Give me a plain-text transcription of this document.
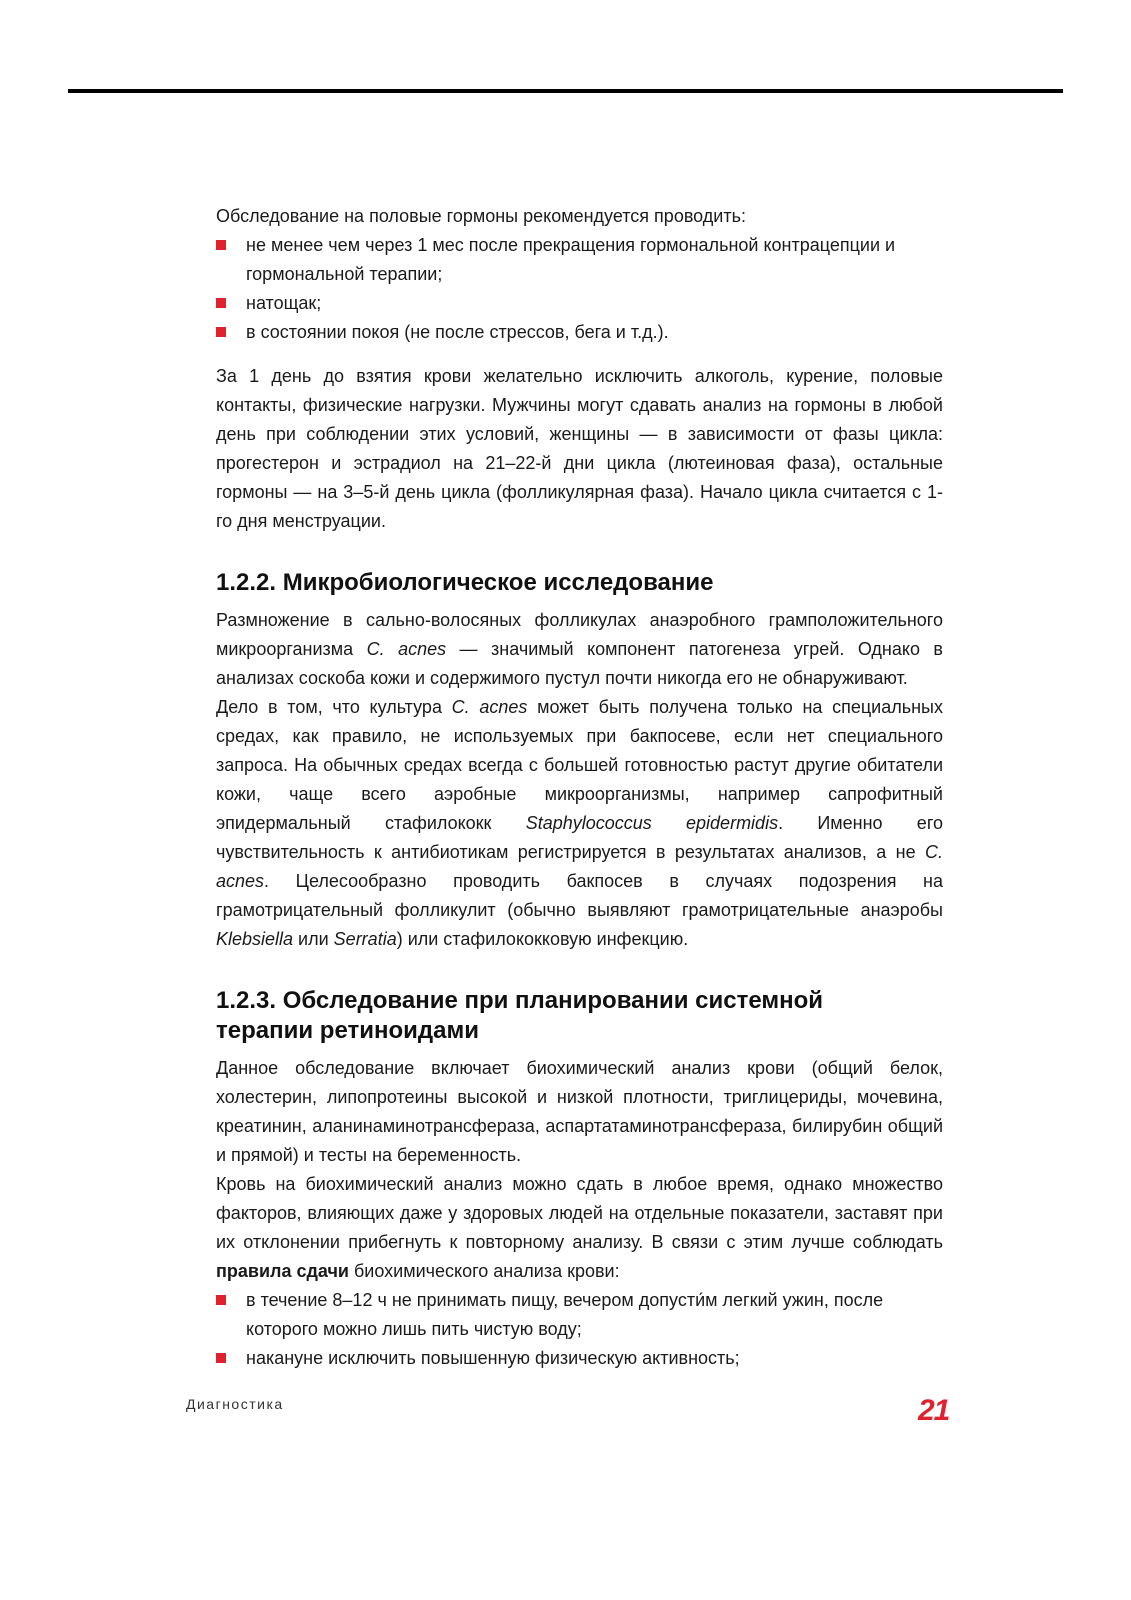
Обследование на половые гормоны рекомендуется проводить:

не менее чем через 1 мес после прекращения гормональной контрацепции и гормональной терапии;
натощак;
в состоянии покоя (не после стрессов, бега и т.д.).

За 1 день до взятия крови желательно исключить алкоголь, курение, половые контакты, физические нагрузки. Мужчины могут сдавать анализ на гормоны в любой день при соблюдении этих условий, женщины — в зависимости от фазы цикла: прогестерон и эстрадиол на 21–22-й дни цикла (лютеиновая фаза), остальные гормоны — на 3–5-й день цикла (фолликулярная фаза). Начало цикла считается с 1-го дня менструации.

1.2.2. Микробиологическое исследование

Размножение в сально-волосяных фолликулах анаэробного грамположительного микроорганизма C. acnes — значимый компонент патогенеза угрей. Однако в анализах соскоба кожи и содержимого пустул почти никогда его не обнаруживают.

Дело в том, что культура C. acnes может быть получена только на специальных средах, как правило, не используемых при бакпосеве, если нет специального запроса. На обычных средах всегда с большей готовностью растут другие обитатели кожи, чаще всего аэробные микроорганизмы, например сапрофитный эпидермальный стафилококк Staphylococcus epidermidis. Именно его чувствительность к антибиотикам регистрируется в результатах анализов, а не C. acnes. Целесообразно проводить бакпосев в случаях подозрения на грамотрицательный фолликулит (обычно выявляют грамотрицательные анаэробы Klebsiella или Serratia) или стафилококковую инфекцию.

1.2.3. Обследование при планировании системной
терапии ретиноидами

Данное обследование включает биохимический анализ крови (общий белок, холестерин, липопротеины высокой и низкой плотности, триглицериды, мочевина, креатинин, аланинаминотрансфераза, аспартатаминотрансфераза, билирубин общий и прямой) и тесты на беременность.

Кровь на биохимический анализ можно сдать в любое время, однако множество факторов, влияющих даже у здоровых людей на отдельные показатели, заставят при их отклонении прибегнуть к повторному анализу. В связи с этим лучше соблюдать правила сдачи биохимического анализа крови:

в течение 8–12 ч не принимать пищу, вечером допусти́м легкий ужин, после которого можно лишь пить чистую воду;
накануне исключить повышенную физическую активность;
Диагностика	21
